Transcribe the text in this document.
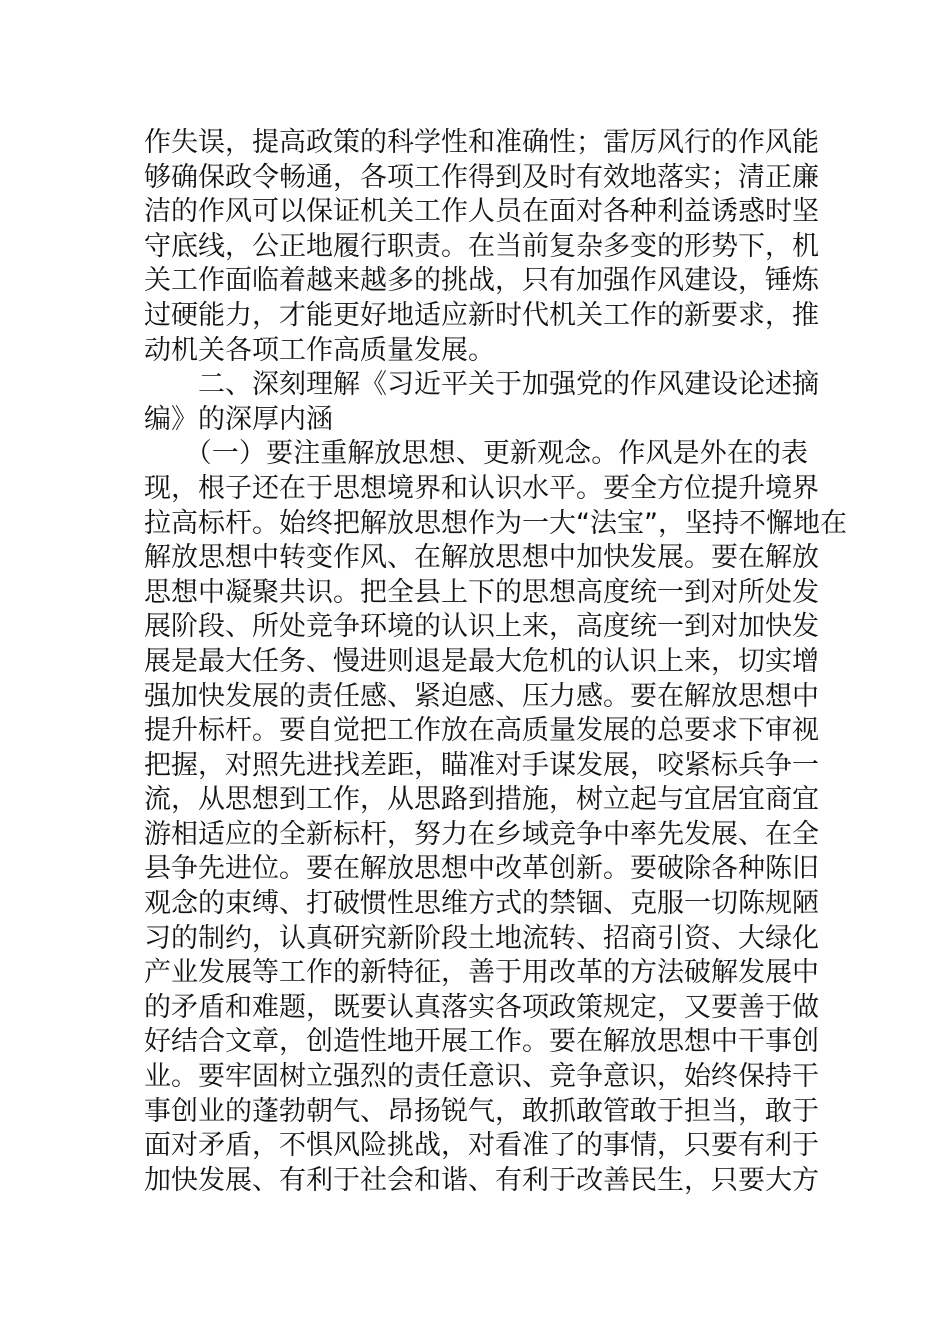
作失误，提高政策的科学性和准确性；雷厉风行的作风能
够确保政令畅通，各项工作得到及时有效地落实；清正廉
洁的作风可以保证机关工作人员在面对各种利益诱惑时坚
守底线，公正地履行职责。在当前复杂多变的形势下，机
关工作面临着越来越多的挑战，只有加强作风建设，锤炼
过硬能力，才能更好地适应新时代机关工作的新要求，推
动机关各项工作高质量发展。
　　二、深刻理解《习近平关于加强党的作风建设论述摘
编》的深厚内涵
　　（一）要注重解放思想、更新观念。作风是外在的表
现，根子还在于思想境界和认识水平。要全方位提升境界
拉高标杆。始终把解放思想作为一大“法宝”，坚持不懈地在
解放思想中转变作风、在解放思想中加快发展。要在解放
思想中凝聚共识。把全县上下的思想高度统一到对所处发
展阶段、所处竞争环境的认识上来，高度统一到对加快发
展是最大任务、慢进则退是最大危机的认识上来，切实增
强加快发展的责任感、紧迫感、压力感。要在解放思想中
提升标杆。要自觉把工作放在高质量发展的总要求下审视
把握，对照先进找差距，瞄准对手谋发展，咬紧标兵争一
流，从思想到工作，从思路到措施，树立起与宜居宜商宜
游相适应的全新标杆，努力在乡域竞争中率先发展、在全
县争先进位。要在解放思想中改革创新。要破除各种陈旧
观念的束缚、打破惯性思维方式的禁锢、克服一切陈规陋
习的制约，认真研究新阶段土地流转、招商引资、大绿化
产业发展等工作的新特征，善于用改革的方法破解发展中
的矛盾和难题，既要认真落实各项政策规定，又要善于做
好结合文章，创造性地开展工作。要在解放思想中干事创
业。要牢固树立强烈的责任意识、竞争意识，始终保持干
事创业的蓬勃朝气、昂扬锐气，敢抓敢管敢于担当，敢于
面对矛盾，不惧风险挑战，对看准了的事情，只要有利于
加快发展、有利于社会和谐、有利于改善民生，只要大方
